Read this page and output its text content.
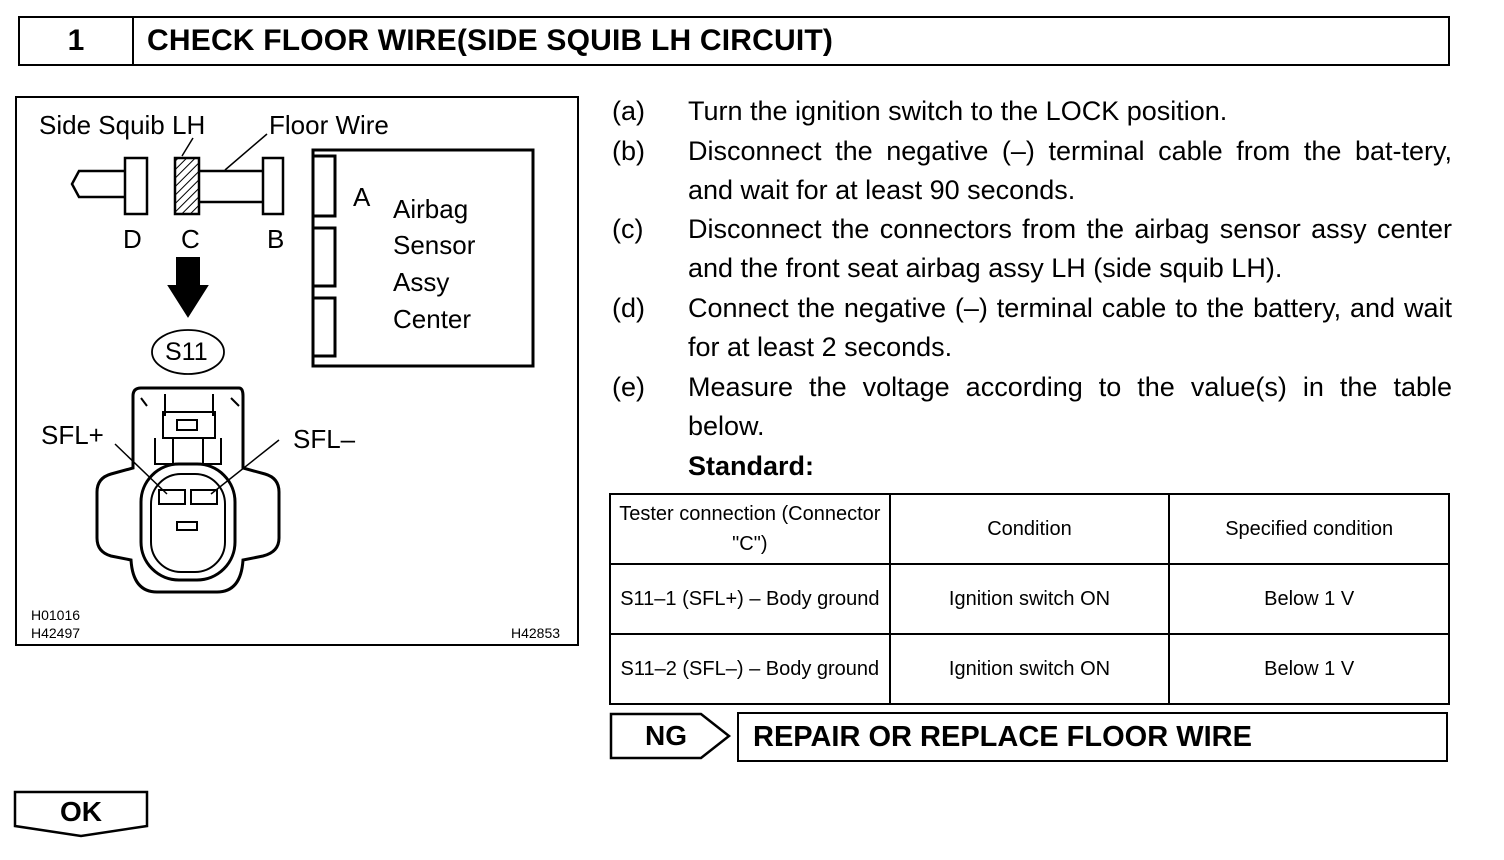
1	CHECK FLOOR WIRE(SIDE SQUIB LH CIRCUIT)
Side Squib LH Floor Wire
D C	B
A Airbag
Sensor
Assy
Center
S11
SFL+	SFL–
H01016
H42497	H42853
(a) Turn the ignition switch to the LOCK position.
(b) Disconnect the negative (–) terminal cable from the bat-tery, and wait for at least 90 seconds.
(c) Disconnect the connectors from the airbag sensor assy center and the front seat airbag assy LH (side squib LH).
(d) Connect the negative (–) terminal cable to the battery, and wait for at least 2 seconds.
(e) Measure the voltage according to the value(s) in the table below.
Standard:
Tester connection (Connector "C")	Condition	Specified condition
S11–1 (SFL+) – Body ground	Ignition switch ON	Below 1 V
S11–2 (SFL–) – Body ground	Ignition switch ON	Below 1 V
NG	REPAIR OR REPLACE FLOOR WIRE
OK
